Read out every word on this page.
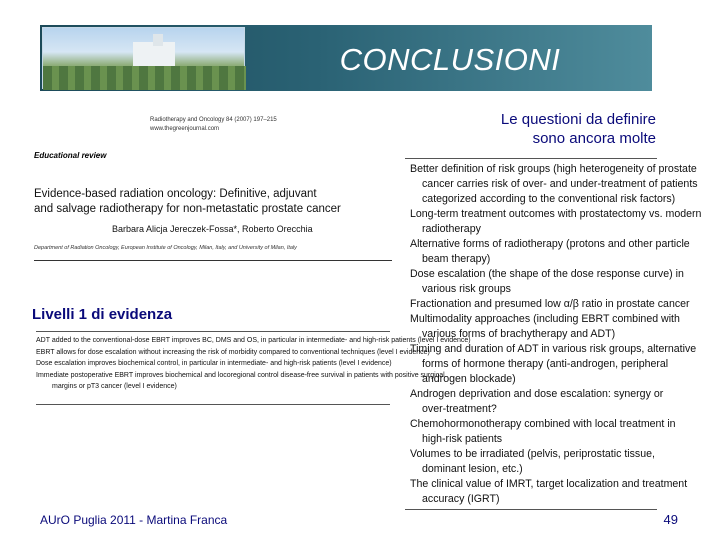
CONCLUSIONI
Le questioni da definire
sono ancora molte
Radiotherapy and Oncology 84 (2007) 197–215
www.thegreenjournal.com
Educational review
Evidence-based radiation oncology: Definitive, adjuvant
and salvage radiotherapy for non-metastatic prostate cancer
Barbara Alicja Jereczek-Fossa*, Roberto Orecchia
Department of Radiation Oncology, European Institute of Oncology, Milan, Italy, and University of Milan, Italy
Livelli 1 di evidenza
ADT added to the conventional-dose EBRT improves BC, DMS and OS, in particular in intermediate- and high-risk patients (level I evidence)
EBRT allows for dose escalation without increasing the risk of morbidity compared to conventional techniques (level I evidence)
Dose escalation improves biochemical control, in particular in intermediate- and high-risk patients (level I evidence)
Immediate postoperative EBRT improves biochemical and locoregional control disease-free survival in patients with positive surgical
margins or pT3 cancer (level I evidence)
Better definition of risk groups (high heterogeneity of prostate
cancer carries risk of over- and under-treatment of patients
categorized according to the conventional risk factors)
Long-term treatment outcomes with prostatectomy vs. modern
radiotherapy
Alternative forms of radiotherapy (protons and other particle
beam therapy)
Dose escalation (the shape of the dose response curve) in
various risk groups
Fractionation and presumed low α/β ratio in prostate cancer
Multimodality approaches (including EBRT combined with
various forms of brachytherapy and ADT)
Timing and duration of ADT in various risk groups, alternative
forms of hormone therapy (anti-androgen, peripheral
androgen blockade)
Androgen deprivation and dose escalation: synergy or
over-treatment?
Chemohormonotherapy combined with local treatment in
high-risk patients
Volumes to be irradiated (pelvis, periprostatic tissue,
dominant lesion, etc.)
The clinical value of IMRT, target localization and treatment
accuracy (IGRT)
AUrO Puglia 2011 - Martina Franca	49
